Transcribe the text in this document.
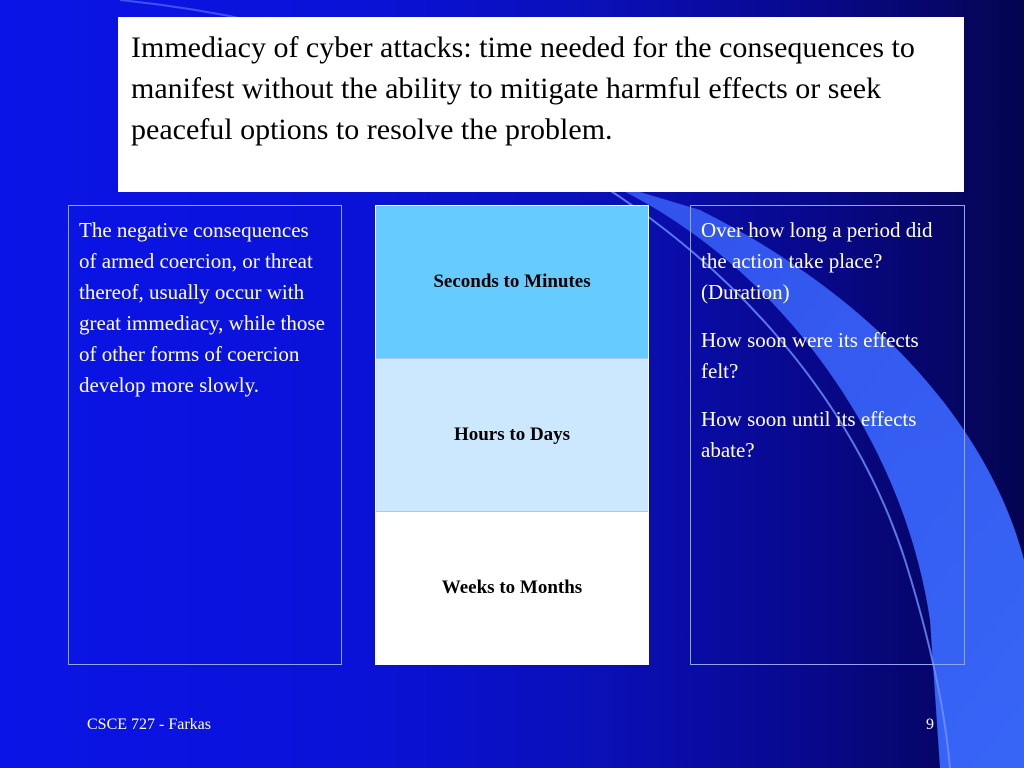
Immediacy of cyber attacks: time needed for the consequences to manifest without the ability to mitigate harmful effects or seek peaceful options to resolve the problem.
The negative consequences of armed coercion, or threat thereof, usually occur with great immediacy, while those of other forms of coercion develop more slowly.
Seconds to Minutes
Hours to Days
Weeks to Months

Over how long a period did the action take place? (Duration)

How soon were its effects felt?

How soon until its effects abate?

CSCE 727 - Farkas	9
